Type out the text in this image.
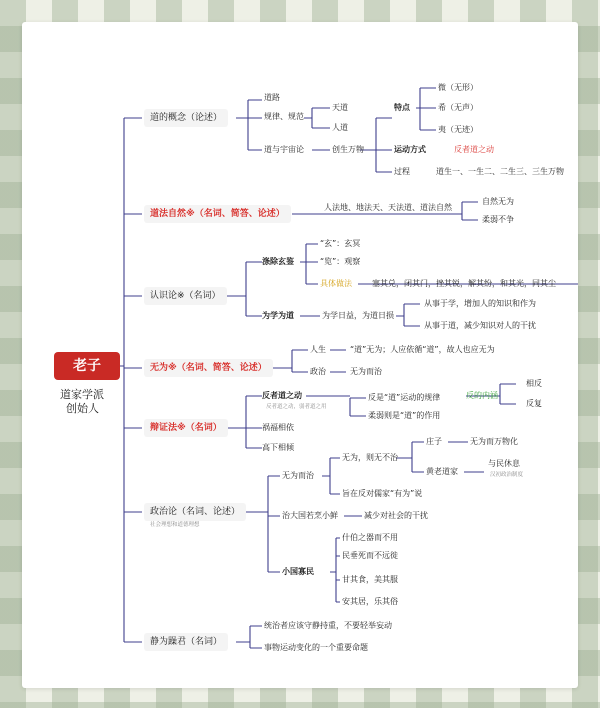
老子
道家学派
创始人
道的概念（论述）
道路
规律、规范
道与宇宙论
天道
人道
创生万物
特点
微（无形）
希（无声）
夷（无迹）
运动方式	反者道之动
过程	道生一、一生二、二生三、三生万物
道法自然※（名词、简答、论述）
人法地、地法天、天法道、道法自然
自然无为
柔弱不争
认识论※（名词）
涤除玄鉴
“玄”：玄冥
“览”：观察
具体做法	塞其兑，闭其门，挫其锐，解其纷，和其光，同其尘
为学为道	为学日益，为道日损
从事于学，增加人的知识和作为
从事于道，减少知识对人的干扰
无为※（名词、简答、论述）
人生	“道”无为；人应依循“道”，故人也应无为
政治	无为而治
辩证法※（名词）
反者道之动
反者道之动，弱者道之用
反是“道”运动的规律	反的内涵
相反
反复
柔弱则是“道”的作用
祸福相依
高下相倾
政治论（名词、论述）
社会理想和道德理想
无为而治
无为，则无不治
庄子	无为而万物化
黄老道家
与民休息
汉初政治制度
旨在反对儒家“有为”说
治大国若烹小鲜	减少对社会的干扰
小国寡民
什伯之器而不用
民垂死而不远徙
甘其食，美其服
安其居，乐其俗
静为躁君（名词）
统治者应该守静持重，不要轻举妄动
事物运动变化的一个重要命题
